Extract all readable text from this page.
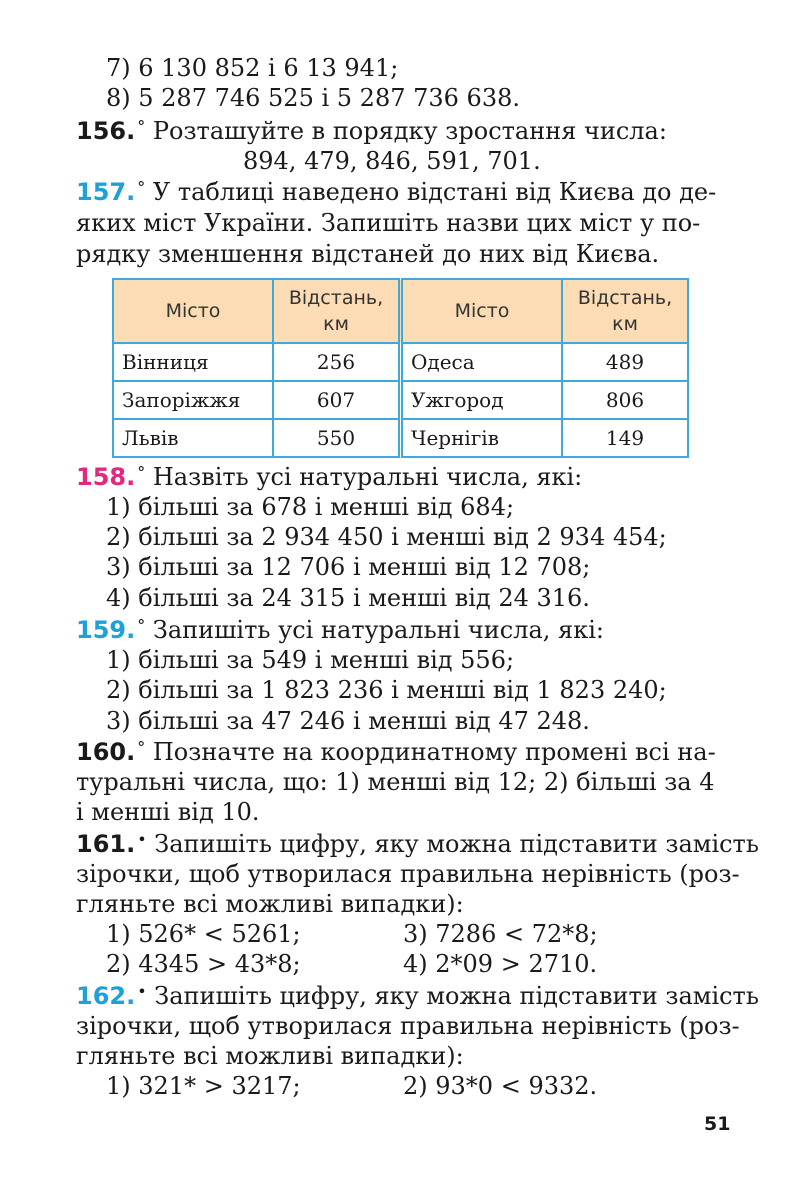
7) 6 130 852 і 6 13 941;
8) 5 287 746 525 і 5 287 736 638.
156. ° Розташуйте в порядку зростання числа:
894, 479, 846, 591, 701.
157. ° У таблиці наведено відстані від Києва до де-
яких міст України. Запишіть назви цих міст у по-
рядку зменшення відстаней до них від Києва.
Місто	Відстань, км	Місто	Відстань, км
Вінниця	256	Одеса	489
Запоріжжя	607	Ужгород	806
Львів	550	Чернігів	149
158. ° Назвіть усі натуральні числа, які:
1) більші за 678 і менші від 684;
2) більші за 2 934 450 і менші від 2 934 454;
3) більші за 12 706 і менші від 12 708;
4) більші за 24 315 і менші від 24 316.
159. ° Запишіть усі натуральні числа, які:
1) більші за 549 і менші від 556;
2) більші за 1 823 236 і менші від 1 823 240;
3) більші за 47 246 і менші від 47 248.
160. ° Позначте на координатному промені всі на-
туральні числа, що: 1) менші від 12; 2) більші за 4
і менші від 10.
161. • Запишіть цифру, яку можна підставити замість
зірочки, щоб утворилася правильна нерівність (роз-
гляньте всі можливі випадки):
1) 526* < 5261;	3) 7286 < 72*8;
2) 4345 > 43*8;	4) 2*09 > 2710.
162. • Запишіть цифру, яку можна підставити замість
зірочки, щоб утворилася правильна нерівність (роз-
гляньте всі можливі випадки):
1) 321* > 3217;	2) 93*0 < 9332.
51
